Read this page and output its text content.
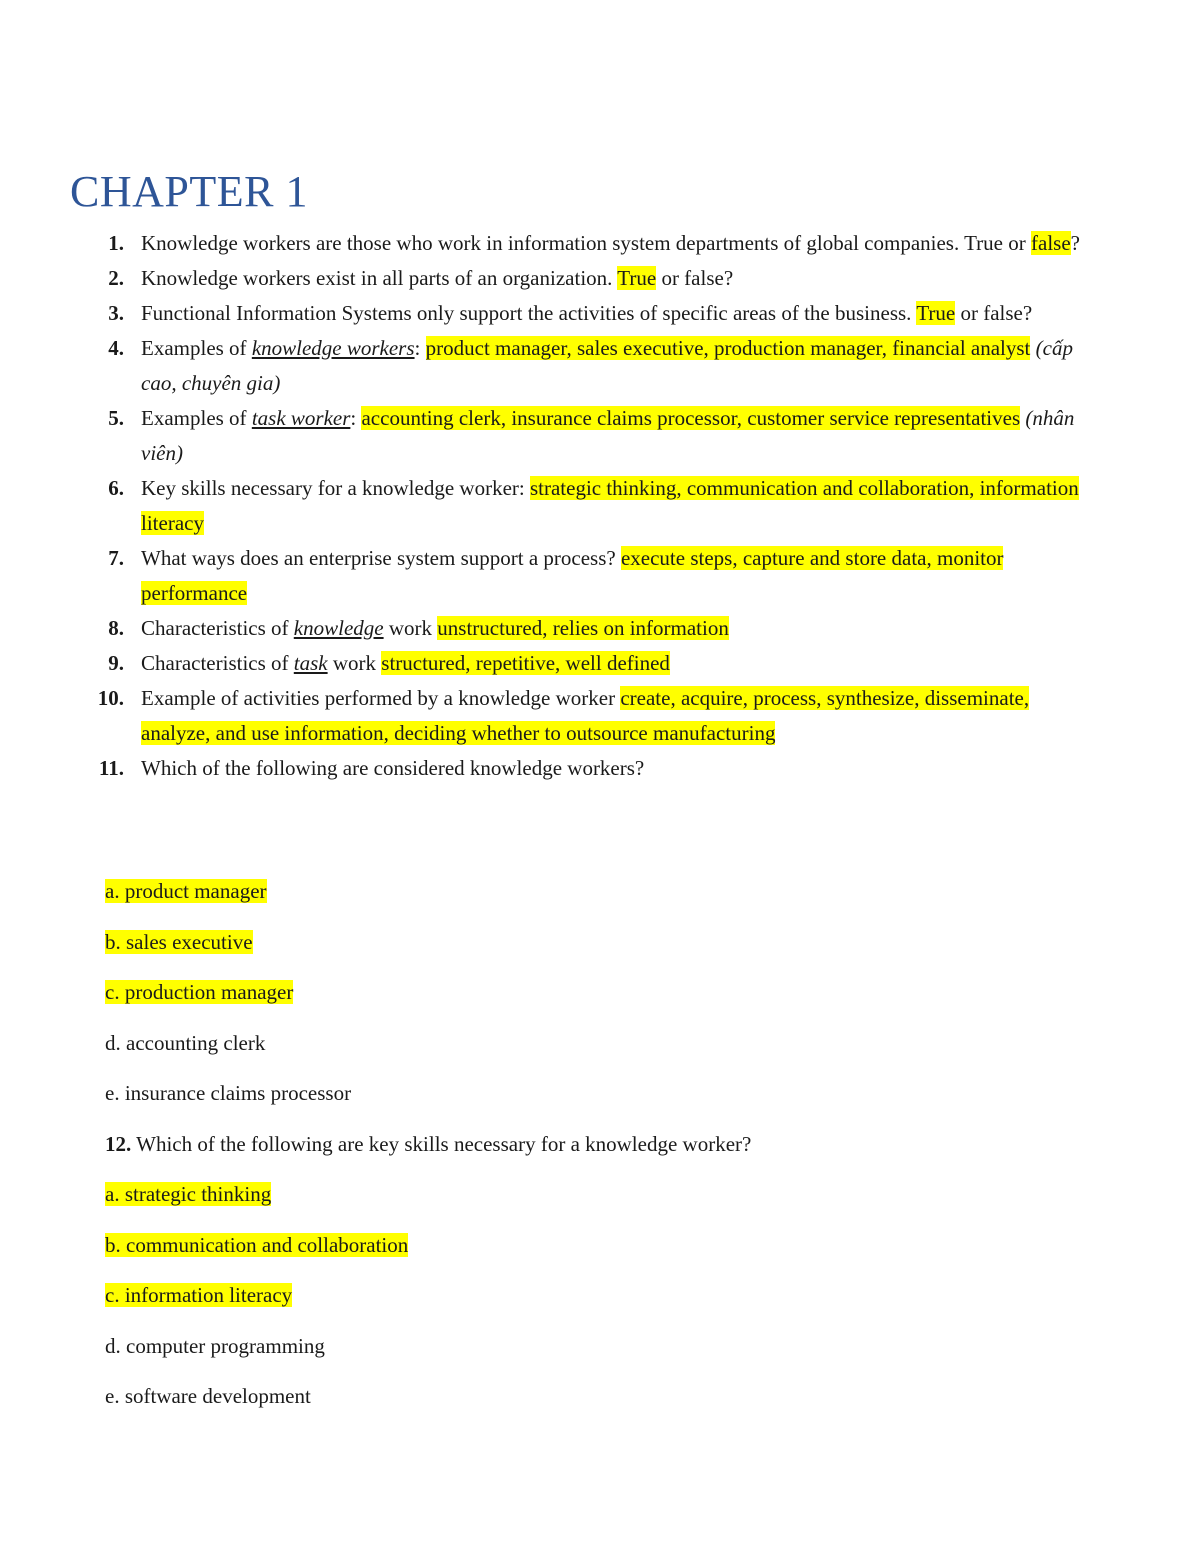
CHAPTER 1
1. Knowledge workers are those who work in information system departments of global companies. True or false?
2. Knowledge workers exist in all parts of an organization. True or false?
3. Functional Information Systems only support the activities of specific areas of the business. True or false?
4. Examples of knowledge workers: product manager, sales executive, production manager, financial analyst (cấp cao, chuyên gia)
5. Examples of task worker: accounting clerk, insurance claims processor, customer service representatives (nhân viên)
6. Key skills necessary for a knowledge worker: strategic thinking, communication and collaboration, information literacy
7. What ways does an enterprise system support a process? execute steps, capture and store data, monitor performance
8. Characteristics of knowledge work unstructured, relies on information
9. Characteristics of task work structured, repetitive, well defined
10. Example of activities performed by a knowledge worker create, acquire, process, synthesize, disseminate, analyze, and use information, deciding whether to outsource manufacturing
11. Which of the following are considered knowledge workers?
a. product manager
b. sales executive
c. production manager
d. accounting clerk
e. insurance claims processor
12. Which of the following are key skills necessary for a knowledge worker?
a. strategic thinking
b. communication and collaboration
c. information literacy
d. computer programming
e. software development
